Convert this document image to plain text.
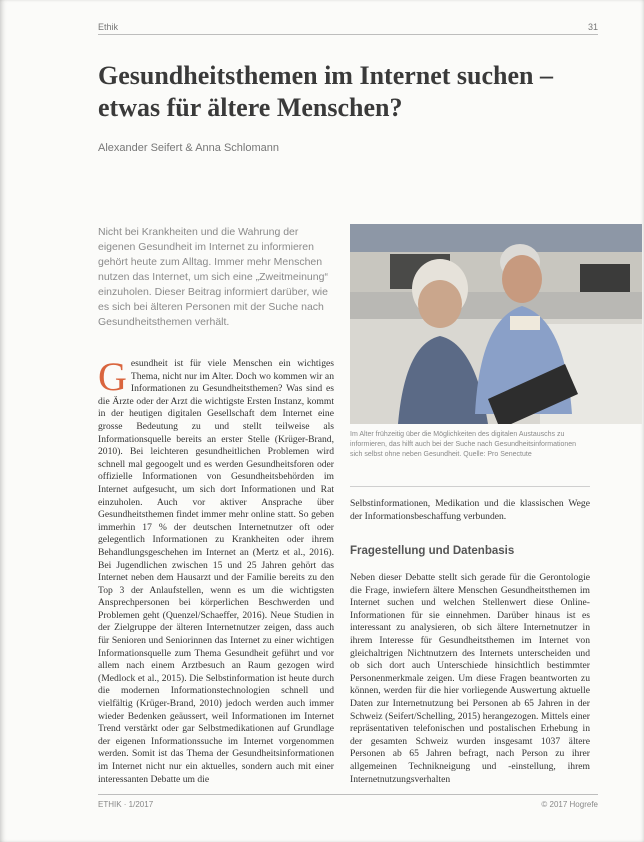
Ethik	31
Gesundheitsthemen im Internet suchen – etwas für ältere Menschen?
Alexander Seifert & Anna Schlomann

Nicht bei Krankheiten und die Wahrung der eigenen Gesundheit im Internet zu informieren gehört heute zum Alltag. Immer mehr Menschen nutzen das Internet, um sich eine „Zweitmeinung“ einzuholen. Dieser Beitrag informiert darüber, wie es sich bei älteren Personen mit der Suche nach Gesundheitsthemen verhält.

Gesundheit ist für viele Menschen ein wichtiges Thema, nicht nur im Alter. Doch wo kommen wir an Informationen zu Gesundheitsthemen? Was sind es die Ärzte oder der Arzt die wichtigste Ersten Instanz, kommt in der heutigen digitalen Gesellschaft dem Internet eine grosse Bedeutung zu und stellt teilweise als Informationsquelle bereits an erster Stelle (Krüger-Brand, 2010). Bei leichteren gesundheitlichen Problemen wird schnell mal gegoogelt und es werden Gesundheitsforen oder offizielle Informationen von Gesundheitsbehörden im Internet aufgesucht, um sich dort Informationen und Rat einzuholen. Auch vor aktiver Ansprache über Gesundheitsthemen findet immer mehr online statt. So geben immerhin 17 % der deutschen Internetnutzer oft oder gelegentlich Informationen zu Krankheiten oder ihrem Behandlungsgeschehen im Internet an (Mertz et al., 2016). Bei Jugendlichen zwischen 15 und 25 Jahren gehört das Internet neben dem Hausarzt und der Familie bereits zu den Top 3 der Anlaufstellen, wenn es um die wichtigsten Ansprechpersonen bei körperlichen Beschwerden und Problemen geht (Quenzel/Schaeffer, 2016). Neue Studien in der Zielgruppe der älteren Internetnutzer zeigen, dass auch für Senioren und Seniorinnen das Internet zu einer wichtigen Informationsquelle zum Thema Gesundheit geführt und vor allem nach einem Arztbesuch an Raum gezogen wird (Medlock et al., 2015). Die Selbstinformation ist heute durch die modernen Informationstechnologien schnell und vielfältig (Krüger-Brand, 2010) jedoch werden auch immer wieder Bedenken geäussert, weil Informationen im Internet Trend verstärkt oder gar Selbstmedikationen auf Grundlage der eigenen Informationssuche im Internet vorgenommen werden. Somit ist das Thema der Gesundheitsinformationen im Internet nicht nur ein aktuelles, sondern auch mit einer interessanten Debatte um die

Im Alter frühzeitig über die Möglichkeiten des digitalen Austauschs zu informieren, das hilft auch bei der Suche nach Gesundheitsinformationen sich selbst ohne neben Gesundheit. Quelle: Pro Senectute

Selbstinformationen, Medikation und die klassischen Wege der Informationsbeschaffung verbunden.

Fragestellung und Datenbasis

Neben dieser Debatte stellt sich gerade für die Gerontologie die Frage, inwiefern ältere Menschen Gesundheitsthemen im Internet suchen und welchen Stellenwert diese Online-Informationen für sie einnehmen. Darüber hinaus ist es interessant zu analysieren, ob sich ältere Internetnutzer in ihrem Interesse für Gesundheitsthemen im Internet von gleichaltrigen Nichtnutzern des Internets unterscheiden und ob sich dort auch Unterschiede hinsichtlich bestimmter Personenmerkmale zeigen. Um diese Fragen beantworten zu können, werden für die hier vorliegende Auswertung aktuelle Daten zur Internetnutzung bei Personen ab 65 Jahren in der Schweiz (Seifert/Schelling, 2015) herangezogen. Mittels einer repräsentativen telefonischen und postalischen Erhebung in der gesamten Schweiz wurden insgesamt 1037 ältere Personen ab 65 Jahren befragt, nach Person zu ihrer allgemeinen Technikneigung und -einstellung, ihrem Internetnutzungsverhalten

ETHIK · 1/2017	© 2017 Hogrefe
